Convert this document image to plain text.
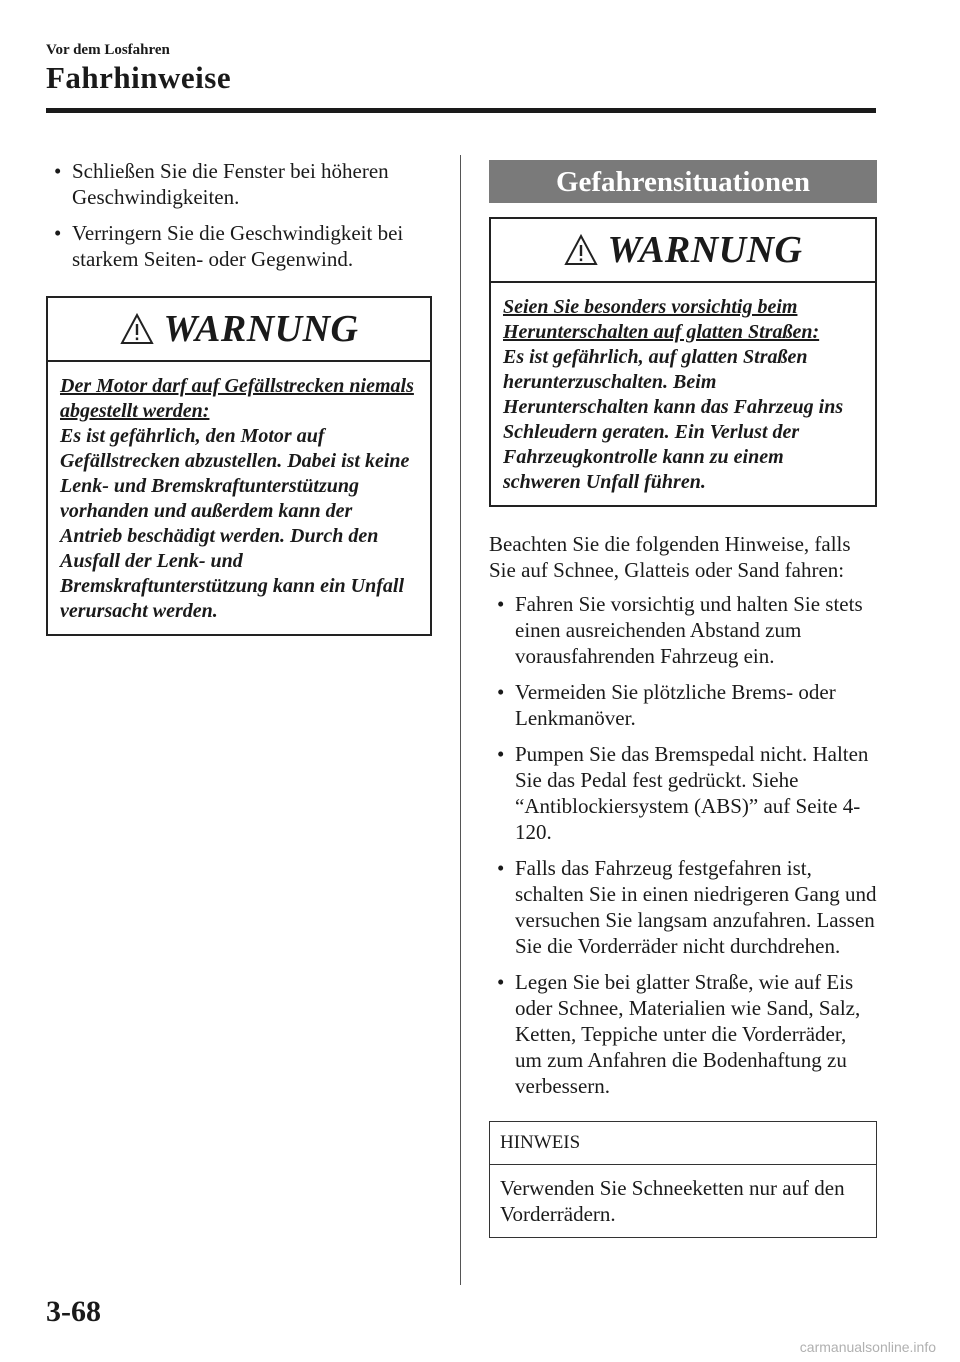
Vor dem Losfahren
Fahrhinweise
• Schließen Sie die Fenster bei höheren Geschwindigkeiten.
• Verringern Sie die Geschwindigkeit bei starkem Seiten- oder Gegenwind.
WARNUNG
Der Motor darf auf Gefällstrecken niemals abgestellt werden:
Es ist gefährlich, den Motor auf Gefällstrecken abzustellen. Dabei ist keine Lenk- und Bremskraftunterstützung vorhanden und außerdem kann der Antrieb beschädigt werden. Durch den Ausfall der Lenk- und Bremskraftunterstützung kann ein Unfall verursacht werden.
Gefahrensituationen
WARNUNG
Seien Sie besonders vorsichtig beim Herunterschalten auf glatten Straßen:
Es ist gefährlich, auf glatten Straßen herunterzuschalten. Beim Herunterschalten kann das Fahrzeug ins Schleudern geraten. Ein Verlust der Fahrzeugkontrolle kann zu einem schweren Unfall führen.
Beachten Sie die folgenden Hinweise, falls Sie auf Schnee, Glatteis oder Sand fahren:
• Fahren Sie vorsichtig und halten Sie stets einen ausreichenden Abstand zum vorausfahrenden Fahrzeug ein.
• Vermeiden Sie plötzliche Brems- oder Lenkmanöver.
• Pumpen Sie das Bremspedal nicht. Halten Sie das Pedal fest gedrückt. Siehe “Antiblockiersystem (ABS)” auf Seite 4-120.
• Falls das Fahrzeug festgefahren ist, schalten Sie in einen niedrigeren Gang und versuchen Sie langsam anzufahren. Lassen Sie die Vorderräder nicht durchdrehen.
• Legen Sie bei glatter Straße, wie auf Eis oder Schnee, Materialien wie Sand, Salz, Ketten, Teppiche unter die Vorderräder, um zum Anfahren die Bodenhaftung zu verbessern.
HINWEIS
Verwenden Sie Schneeketten nur auf den Vorderrädern.
3-68
carmanualsonline.info
